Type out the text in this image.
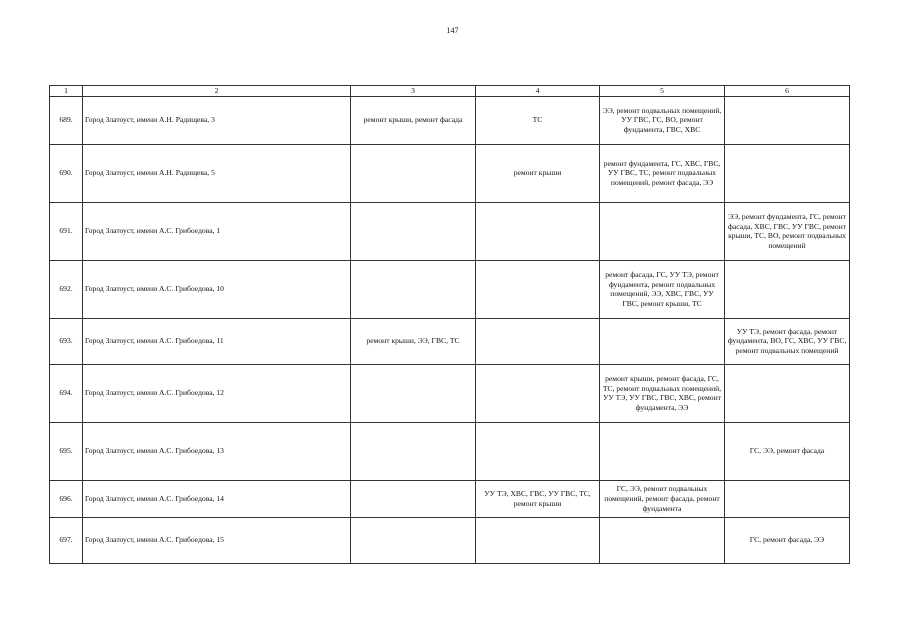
147
1	2	3	4	5	6
689.	Город Златоуст, имени А.Н. Радищева, 3	ремонт крыши, ремонт фасада	ТС	ЭЭ, ремонт подвальных помещений, УУ ГВС, ГС, ВО, ремонт фундамента, ГВС, ХВС	
690.	Город Златоуст, имени А.Н. Радищева, 5		ремонт крыши	ремонт фундамента, ГС, ХВС, ГВС, УУ ГВС, ТС, ремонт подвальных помещений, ремонт фасада, ЭЭ	
691.	Город Златоуст, имени А.С. Грибоедова, 1				ЭЭ, ремонт фундамента, ГС, ремонт фасада, ХВС, ГВС, УУ ГВС, ремонт крыши, ТС, ВО, ремонт подвальных помещений
692.	Город Златоуст, имени А.С. Грибоедова, 10			ремонт фасада, ГС, УУ ТЭ, ремонт фундамента, ремонт подвальных помещений, ЭЭ, ХВС, ГВС, УУ ГВС, ремонт крыши, ТС	
693.	Город Златоуст, имени А.С. Грибоедова, 11	ремонт крыши, ЭЭ, ГВС, ТС			УУ ТЭ, ремонт фасада, ремонт фундамента, ВО, ГС, ХВС, УУ ГВС, ремонт подвальных помещений
694.	Город Златоуст, имени А.С. Грибоедова, 12			ремонт крыши, ремонт фасада, ГС, ТС, ремонт подвальных помещений, УУ ТЭ, УУ ГВС, ГВС, ХВС, ремонт фундамента, ЭЭ	
695.	Город Златоуст, имени А.С. Грибоедова, 13				ГС, ЭЭ, ремонт фасада
696.	Город Златоуст, имени А.С. Грибоедова, 14		УУ ТЭ, ХВС, ГВС, УУ ГВС, ТС, ремонт крыши	ГС, ЭЭ, ремонт подвальных помещений, ремонт фасада, ремонт фундамента	
697.	Город Златоуст, имени А.С. Грибоедова, 15				ГС, ремонт фасада, ЭЭ
